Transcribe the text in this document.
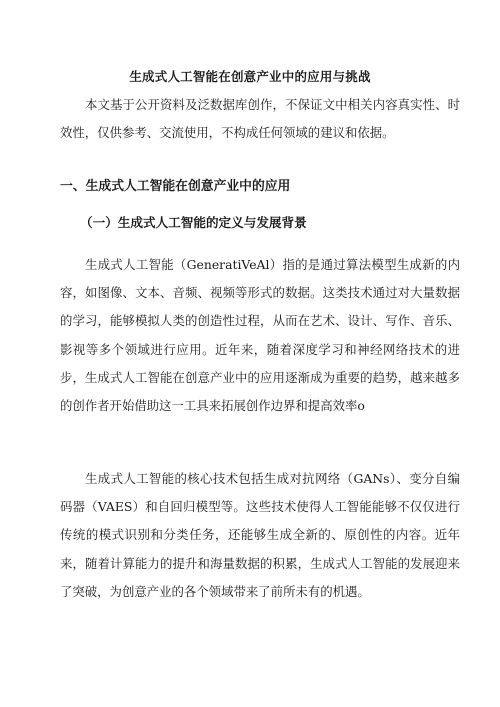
生成式人工智能在创意产业中的应用与挑战

本文基于公开资料及泛数据库创作，不保证文中相关内容真实性、时效性，仅供参考、交流使用，不构成任何领域的建议和依据。

一、生成式人工智能在创意产业中的应用
（一）生成式人工智能的定义与发展背景

生成式人工智能（GeneratiVeAl）指的是通过算法模型生成新的内容，如图像、文本、音频、视频等形式的数据。这类技术通过对大量数据的学习，能够模拟人类的创造性过程，从而在艺术、设计、写作、音乐、影视等多个领域进行应用。近年来，随着深度学习和神经网络技术的进步，生成式人工智能在创意产业中的应用逐渐成为重要的趋势，越来越多的创作者开始借助这一工具来拓展创作边界和提高效率o

生成式人工智能的核心技术包括生成对抗网络（GANs）、变分自编码器（VAES）和自回归模型等。这些技术使得人工智能能够不仅仅进行传统的模式识别和分类任务，还能够生成全新的、原创性的内容。近年来，随着计算能力的提升和海量数据的积累，生成式人工智能的发展迎来了突破，为创意产业的各个领域带来了前所未有的机遇。
